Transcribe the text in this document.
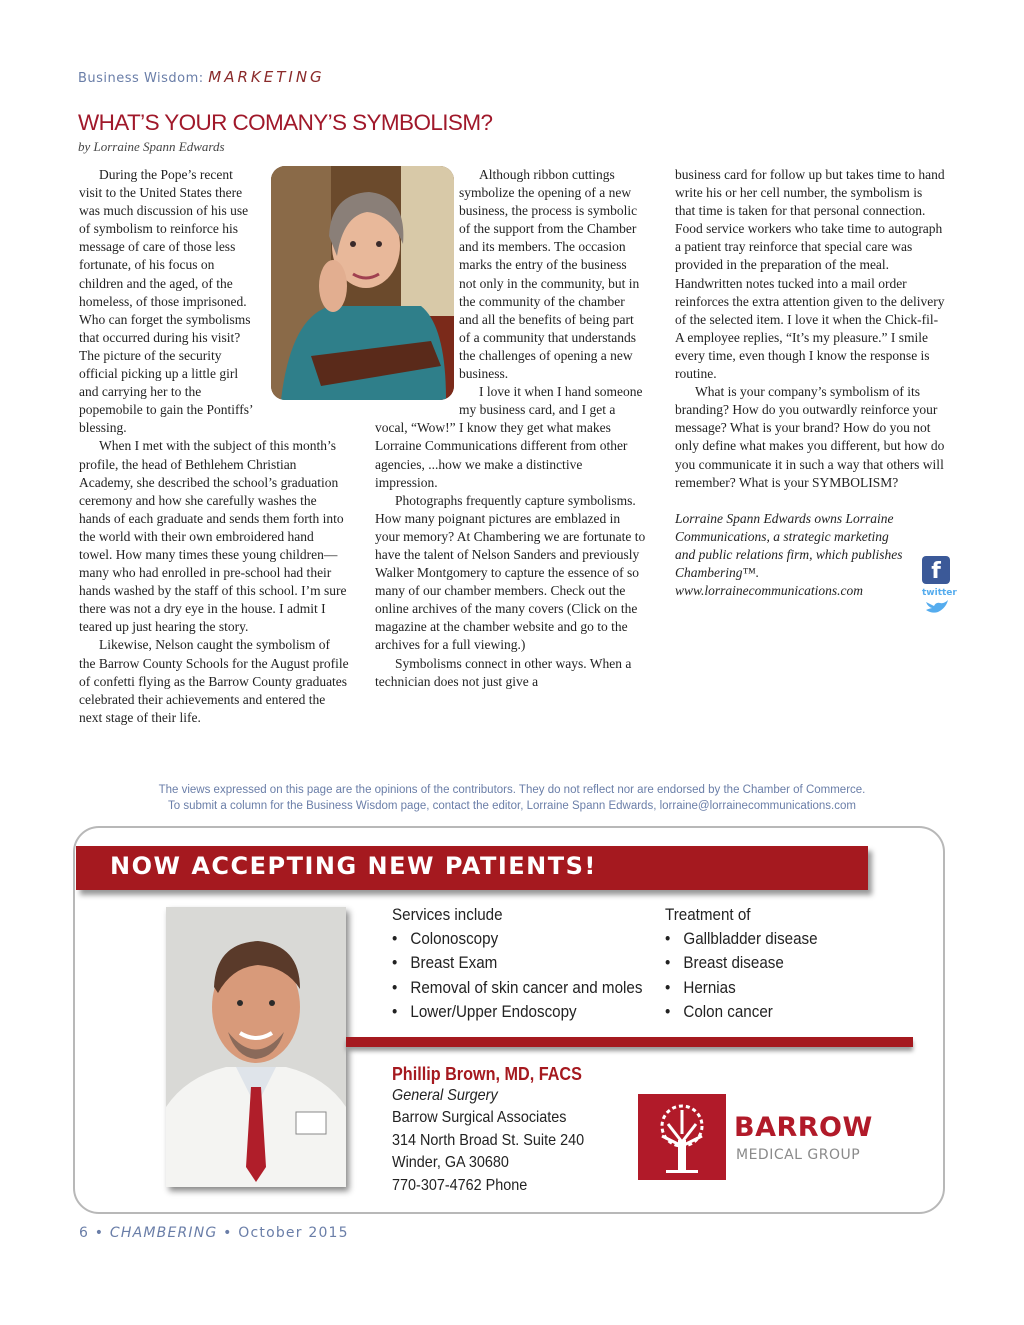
Business Wisdom: MARKETING
WHAT’S YOUR COMANY’S SYMBOLISM?
by Lorraine Spann Edwards

During the Pope’s recent visit to the United States there was much discussion of his use of symbolism to reinforce his message of care of those less fortunate, of his focus on children and the aged, of the homeless, of those imprisoned. Who can forget the symbolisms that occurred during his visit? The picture of the security official picking up a little girl and carrying her to the popemobile to gain the Pontiffs’ blessing.

When I met with the subject of this month’s profile, the head of Bethlehem Christian Academy, she described the school’s graduation ceremony and how she carefully washes the hands of each graduate and sends them forth into the world with their own embroidered hand towel. How many times these young children—many who had enrolled in pre-school had their hands washed by the staff of this school. I’m sure there was not a dry eye in the house. I admit I teared up just hearing the story.

Likewise, Nelson caught the symbolism of the Barrow County Schools for the August profile of confetti flying as the Barrow County graduates celebrated their achievements and entered the next stage of their life.

Although ribbon cuttings symbolize the opening of a new business, the process is symbolic of the support from the Chamber and its members. The occasion marks the entry of the business not only in the community, but in the community of the chamber and all the benefits of being part of a community that understands the challenges of opening a new business.

I love it when I hand someone my business card, and I get a vocal, “Wow!” I know they get what makes Lorraine Communications different from other agencies, ...how we make a distinctive impression.

Photographs frequently capture symbolisms. How many poignant pictures are emblazed in your memory? At Chambering we are fortunate to have the talent of Nelson Sanders and previously Walker Montgomery to capture the essence of so many of our chamber members. Check out the online archives of the many covers (Click on the magazine at the chamber website and go to the archives for a full viewing.)

Symbolisms connect in other ways. When a technician does not just give a

business card for follow up but takes time to hand write his or her cell number, the symbolism is that time is taken for that personal connection. Food service workers who take time to autograph a patient tray reinforce that special care was provided in the preparation of the meal. Handwritten notes tucked into a mail order reinforces the extra attention given to the delivery of the selected item. I love it when the Chick-fil-A employee replies, “It’s my pleasure.” I smile every time, even though I know the response is routine.

What is your company’s symbolism of its branding? How do you outwardly reinforce your message? What is your brand? How do you not only define what makes you different, but how do you communicate it in such a way that others will remember? What is your SYMBOLISM?

Lorraine Spann Edwards owns Lorraine Communications, a strategic marketing and public relations firm, which publishes Chambering™.

www.lorrainecommunications.com

f
twitter
The views expressed on this page are the opinions of the contributors. They do not reflect nor are endorsed by the Chamber of Commerce.
To submit a column for the Business Wisdom page, contact the editor, Lorraine Spann Edwards, lorraine@lorrainecommunications.com
NOW ACCEPTING NEW PATIENTS!
Services include
• Colonoscopy
• Breast Exam
• Removal of skin cancer and moles
• Lower/Upper Endoscopy
Treatment of
• Gallbladder disease
• Breast disease
• Hernias
• Colon cancer
Phillip Brown, MD, FACS
General Surgery
Barrow Surgical Associates
314 North Broad St. Suite 240
Winder, GA 30680
770-307-4762 Phone
BARROW
MEDICAL GROUP
6 • CHAMBERING • October 2015
